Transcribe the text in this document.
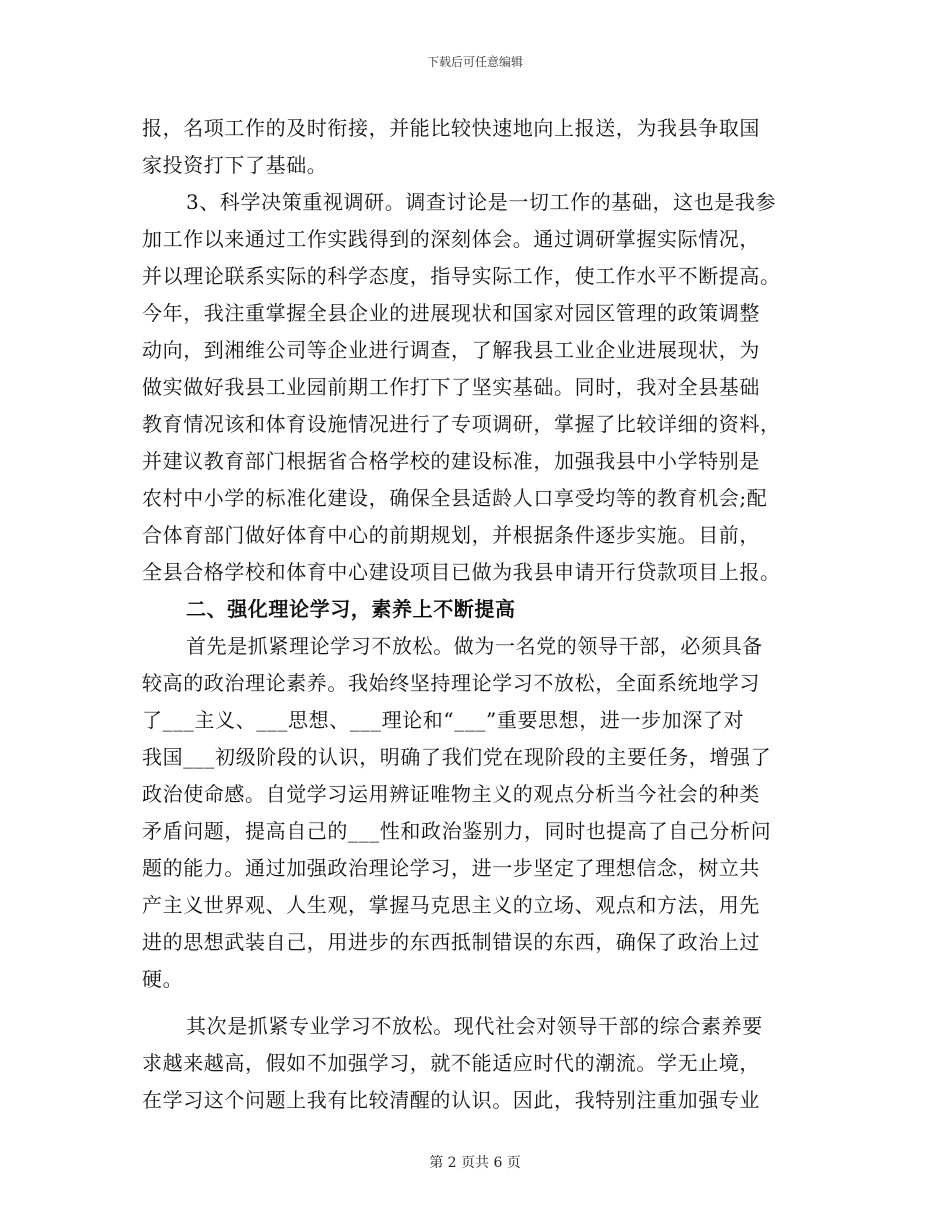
下载后可任意编辑
报，名项工作的及时衔接，并能比较快速地向上报送，为我县争取国
家投资打下了基础。
3、科学决策重视调研。调查讨论是一切工作的基础，这也是我参
加工作以来通过工作实践得到的深刻体会。通过调研掌握实际情况，
并以理论联系实际的科学态度，指导实际工作，使工作水平不断提高。
今年，我注重掌握全县企业的进展现状和国家对园区管理的政策调整
动向，到湘维公司等企业进行调查，了解我县工业企业进展现状，为
做实做好我县工业园前期工作打下了坚实基础。同时，我对全县基础
教育情况该和体育设施情况进行了专项调研，掌握了比较详细的资料，
并建议教育部门根据省合格学校的建设标准，加强我县中小学特别是
农村中小学的标准化建设，确保全县适龄人口享受均等的教育机会;配
合体育部门做好体育中心的前期规划，并根据条件逐步实施。目前，
全县合格学校和体育中心建设项目已做为我县申请开行贷款项目上报。
二、强化理论学习，素养上不断提高
首先是抓紧理论学习不放松。做为一名党的领导干部，必须具备
较高的政治理论素养。我始终坚持理论学习不放松，全面系统地学习
了___主义、___思想、___理论和“___”重要思想，进一步加深了对
我国___初级阶段的认识，明确了我们党在现阶段的主要任务，增强了
政治使命感。自觉学习运用辨证唯物主义的观点分析当今社会的种类
矛盾问题，提高自己的___性和政治鉴别力，同时也提高了自己分析问
题的能力。通过加强政治理论学习，进一步坚定了理想信念，树立共
产主义世界观、人生观，掌握马克思主义的立场、观点和方法，用先
进的思想武装自己，用进步的东西抵制错误的东西，确保了政治上过
硬。
其次是抓紧专业学习不放松。现代社会对领导干部的综合素养要
求越来越高，假如不加强学习，就不能适应时代的潮流。学无止境，
在学习这个问题上我有比较清醒的认识。因此，我特别注重加强专业
第 2 页共 6 页
